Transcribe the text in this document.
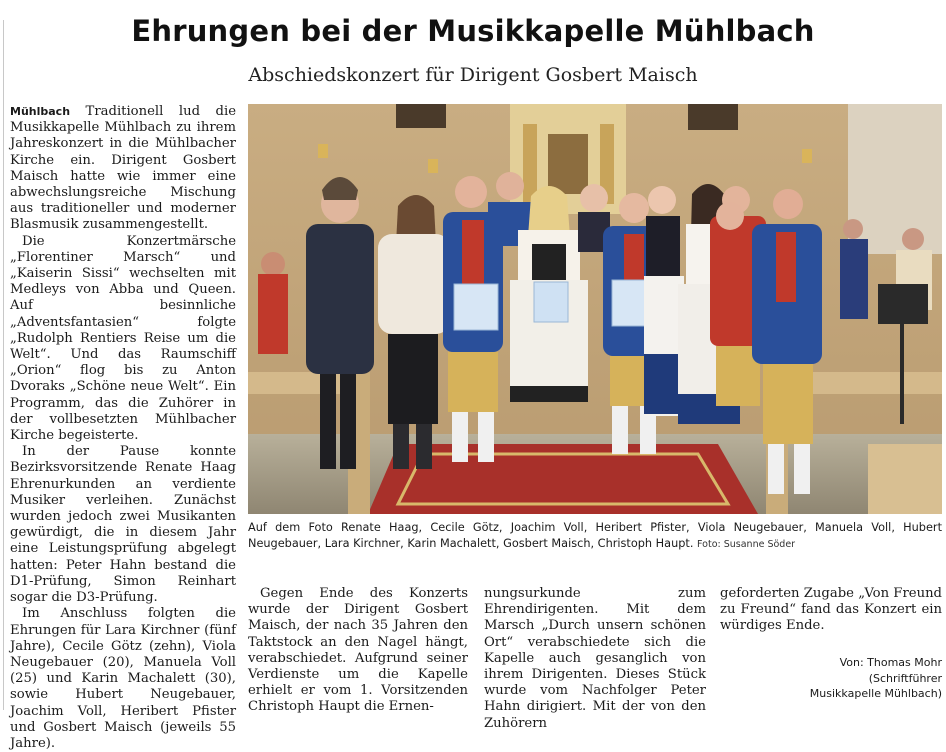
Ehrungen bei der Musikkapelle Mühlbach
Abschiedskonzert für Dirigent Gosbert Maisch

Mühlbach Traditionell lud die Musikkapelle Mühlbach zu ihrem Jahreskonzert in die Mühlbacher Kirche ein. Dirigent Gosbert Maisch hatte wie immer eine abwechslungsreiche Mischung aus traditioneller und moderner Blasmusik zusammengestellt.

Die Konzertmärsche „Florentiner Marsch“ und „Kaiserin Sissi“ wechselten mit Medleys von Abba und Queen. Auf besinnliche „Adventsfantasien“ folgte „Rudolph Rentiers Reise um die Welt“. Und das Raumschiff „Orion“ flog bis zu Anton Dvoraks „Schöne neue Welt“. Ein Programm, das die Zuhörer in der vollbesetzten Mühlbacher Kirche begeisterte.

In der Pause konnte Bezirksvorsitzende Renate Haag Ehrenurkunden an verdiente Musiker verleihen. Zunächst wurden jedoch zwei Musikanten gewürdigt, die in diesem Jahr eine Leistungsprüfung abgelegt hatten: Peter Hahn bestand die D1-Prüfung, Simon Reinhart sogar die D3-Prüfung.

Im Anschluss folgten die Ehrungen für Lara Kirchner (fünf Jahre), Cecile Götz (zehn), Viola Neugebauer (20), Manuela Voll (25) und Karin Machalett (30), sowie Hubert Neugebauer, Joachim Voll, Heribert Pfister und Gosbert Maisch (jeweils 55 Jahre).

Auf dem Foto Renate Haag, Cecile Götz, Joachim Voll, Heribert Pfister, Viola Neugebauer, Manuela Voll, Hubert Neugebauer, Lara Kirchner, Karin Machalett, Gosbert Maisch, Christoph Haupt. Foto: Susanne Söder

Gegen Ende des Konzerts wurde der Dirigent Gosbert Maisch, der nach 35 Jahren den Taktstock an den Nagel hängt, verabschiedet. Aufgrund seiner Verdienste um die Kapelle erhielt er vom 1. Vorsitzenden Christoph Haupt die Ernen-

nungsurkunde zum Ehrendirigenten. Mit dem Marsch „Durch unsern schönen Ort“ verabschiedete sich die Kapelle auch gesanglich von ihrem Dirigenten. Dieses Stück wurde vom Nachfolger Peter Hahn dirigiert. Mit der von den Zuhörern

geforderten Zugabe „Von Freund zu Freund“ fand das Konzert ein würdiges Ende.

Von: Thomas Mohr
(Schriftführer
Musikkapelle Mühlbach)
